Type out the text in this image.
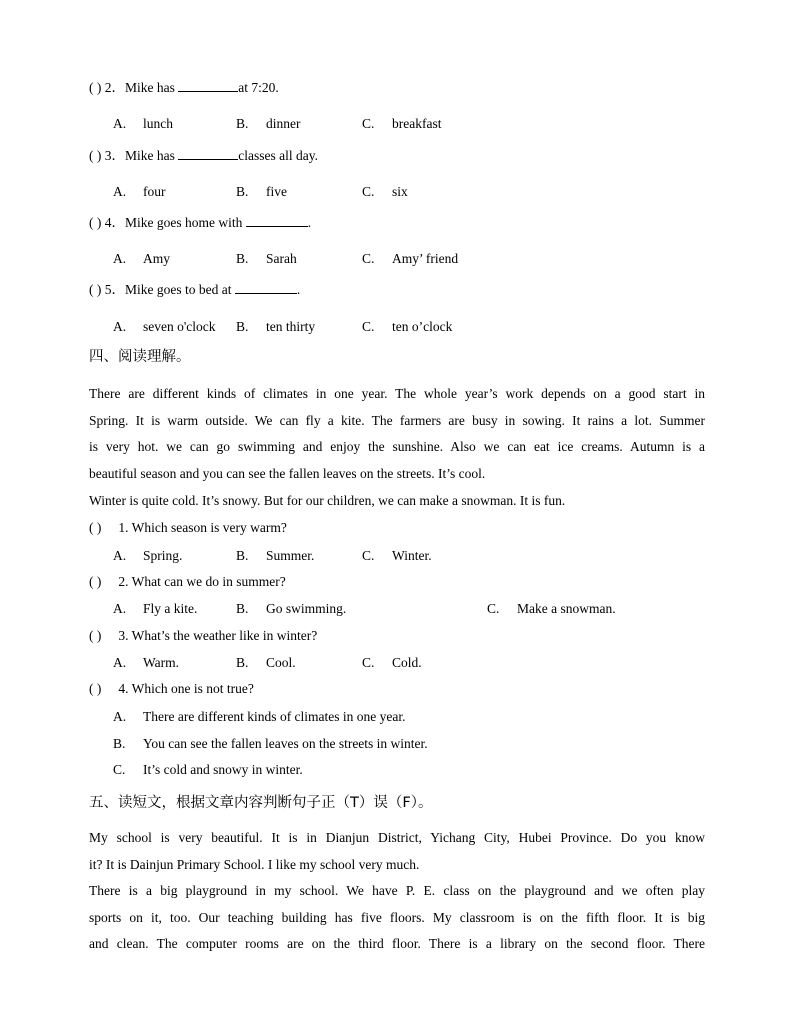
( ) 2．Mike has	at 7:20.
A. lunch	B. dinner	C. breakfast
( ) 3．Mike has	classes all day.
A. four	B. five	C. six
( ) 4．Mike goes home with	.
A. Amy	B. Sarah	C. Amy’ friend
( ) 5．Mike goes to bed at	.
A. seven o'clock B. ten thirty	C. ten o’clock
四、阅读理解。
There are different kinds of climates in one year. The whole year’s work depends on a good start in
Spring. It is warm outside. We can fly a kite. The farmers are busy in sowing. It rains a lot. Summer
is very hot. we can go swimming and enjoy the sunshine. Also we can eat ice creams. Autumn is a
beautiful season and you can see the fallen leaves on the streets. It’s cool.
Winter is quite cold. It’s snowy. But for our children, we can make a snowman. It is fun.
( ) 1. Which season is very warm?
A. Spring.	B. Summer.	C. Winter.
( ) 2. What can we do in summer?
A. Fly a kite.	B. Go swimming.	C. Make a snowman.
( ) 3. What’s the weather like in winter?
A. Warm.	B. Cool.	C. Cold.
( ) 4. Which one is not true?
A. There are different kinds of climates in one year.
B. You can see the fallen leaves on the streets in winter.
C. It’s cold and snowy in winter.
五、读短文，根据文章内容判断句子正（T）误（F）。
My school is very beautiful. It is in Dianjun District, Yichang City, Hubei Province. Do you know
it? It is Dainjun Primary School. I like my school very much.
There is a big playground in my school. We have P. E. class on the playground and we often play
sports on it, too. Our teaching building has five floors. My classroom is on the fifth floor. It is big
and clean. The computer rooms are on the third floor. There is a library on the second floor. There
